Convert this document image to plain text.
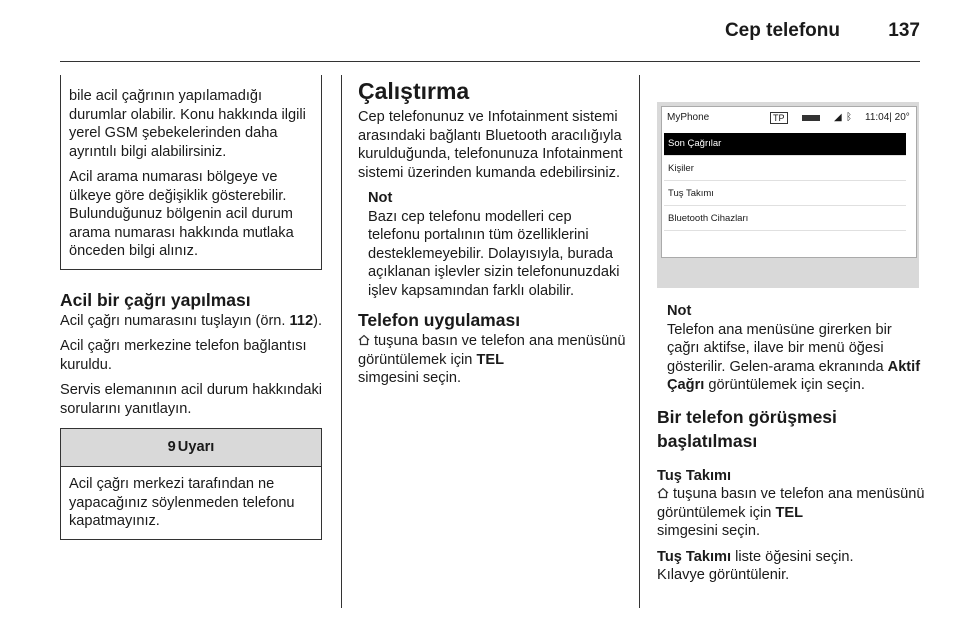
Cep telefonu	137

bile acil çağrının yapılamadığı durumlar olabilir. Konu hakkında ilgili yerel GSM şebekelerinden daha ayrıntılı bilgi alabilirsiniz.

Acil arama numarası bölgeye ve ülkeye göre değişiklik gösterebilir. Bulunduğunuz bölgenin acil durum arama numarası hakkında mutlaka önceden bilgi alınız.

Acil bir çağrı yapılması

Acil çağrı numarasını tuşlayın (örn. 112).

Acil çağrı merkezine telefon bağlantısı kuruldu.

Servis elemanının acil durum hakkındaki sorularını yanıtlayın.

9 Uyarı
Acil çağrı merkezi tarafından ne yapacağınız söylenmeden telefonu kapatmayınız.
Çalıştırma

Cep telefonunuz ve Infotainment sistemi arasındaki bağlantı Bluetooth aracılığıyla kurulduğunda, telefonunuza Infotainment sistemi üzerinden kumanda edebilirsiniz.

Not
Bazı cep telefonu modelleri cep telefonu portalının tüm özelliklerini desteklemeyebilir. Dolayısıyla, burada açıklanan işlevler sizin telefonunuzdaki işlev kapsamından farklı olabilir.
Telefon uygulaması

tuşuna basın ve telefon ana menüsünü görüntülemek için TEL
simgesini seçin.

MyPhone	TP	◢ ᛒ 11:04| 20°
Son Çağrılar
Kişiler
Tuş Takımı
Bluetooth Cihazları
Not
Telefon ana menüsüne girerken bir çağrı aktifse, ilave bir menü öğesi gösterilir. Gelen-arama ekranında Aktif Çağrı görüntülemek için seçin.
Bir telefon görüşmesi
başlatılması
Tuş Takımı

tuşuna basın ve telefon ana menüsünü görüntülemek için TEL
simgesini seçin.

Tuş Takımı liste öğesini seçin.
Kılavye görüntülenir.
